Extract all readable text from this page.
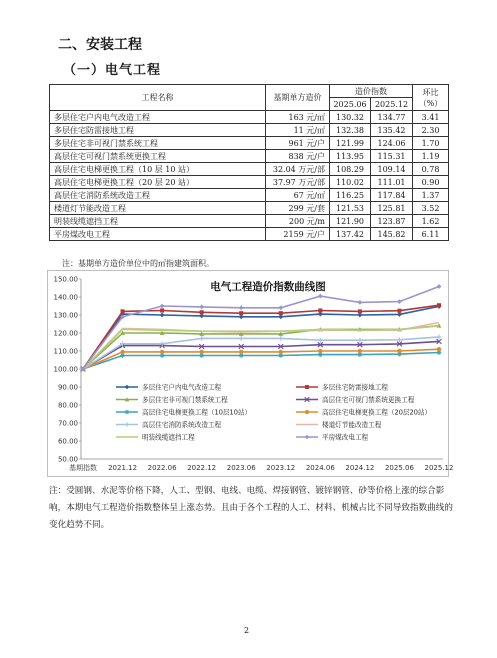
二、安装工程
（一）电气工程
工程名称	基期单方造价	造价指数		环比
（%）

		2025.06	2025.12	
多层住宅户内电气改造工程	163 元/㎡	130.32	134.77	3.41
多层住宅防雷接地工程	11 元/㎡	132.38	135.42	2.30
多层住宅非可视门禁系统工程	961 元/户	121.99	124.06	1.70
高层住宅可视门禁系统更换工程	838 元/户	113.95	115.31	1.19
高层住宅电梯更换工程（10 层 10 站）	32.04 万元/部	108.29	109.14	0.78
高层住宅电梯更换工程（20 层 20 站）	37.97 万元/部	110.02	111.01	0.90
高层住宅消防系统改造工程	67 元/㎡	116.25	117.84	1.37
楼道灯节能改造工程	299 元/套	121.53	125.81	3.52
明装线缆遮挡工程	200 元/m	121.90	123.87	1.62
平房煤改电工程	2159 元/户	137.42	145.82	6.11
注：基期单方造价单位中的㎡指建筑面积。
50.00
60.00
70.00
80.00
90.00
100.00
110.00
120.00
130.00
140.00
150.00
基期指数 2021.12 2022.06 2022.12 2023.06 2023.12 2024.06 2024.12 2025.06 2025.12
电气工程造价指数曲线图
多层住宅户内电气改造工程	多层住宅防雷接地工程
多层住宅非可视门禁系统工程	高层住宅可视门禁系统更换工程
高层住宅电梯更换工程（10层10站）	高层住宅电梯更换工程（20层20站）
高层住宅消防系统改造工程	楼道灯节能改造工程
明装线缆遮挡工程	平房煤改电工程
注：受圆钢、水泥等价格下降，人工、型钢、电线、电缆、焊接钢管、镀锌钢管、砂等价格上涨的综合影响，本期电气工程造价指数整体呈上涨态势。且由于各个工程的人工、材料、机械占比不同导致指数曲线的变化趋势不同。
2
